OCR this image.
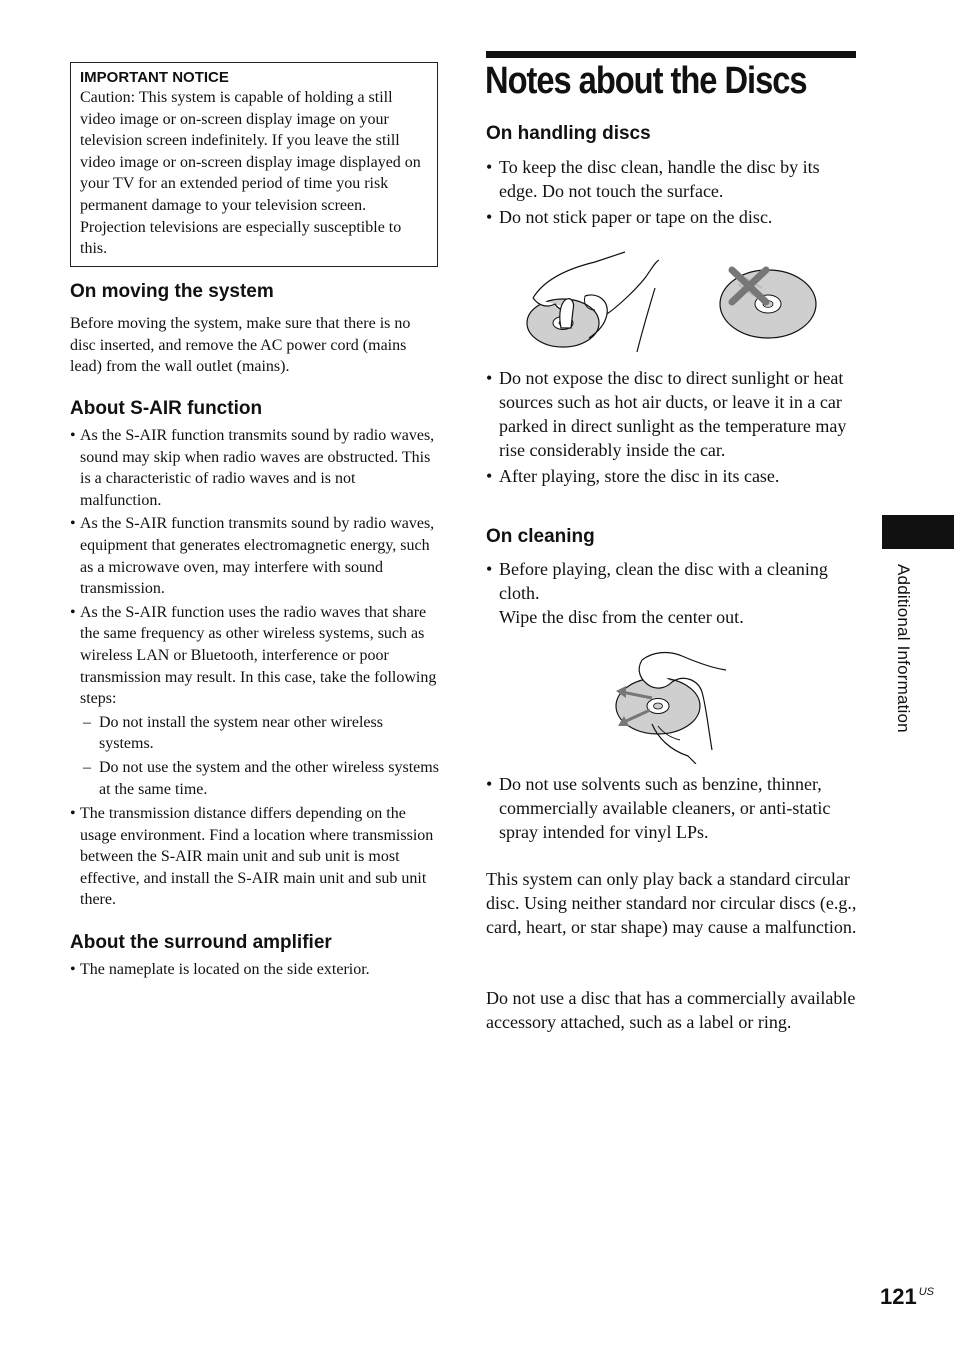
IMPORTANT NOTICE
Caution: This system is capable of holding a still video image or on-screen display image on your television screen indefinitely. If you leave the still video image or on-screen display image displayed on your TV for an extended period of time you risk permanent damage to your television screen. Projection televisions are especially susceptible to this.
On moving the system

Before moving the system, make sure that there is no disc inserted, and remove the AC power cord (mains lead) from the wall outlet (mains).

About S-AIR function
• As the S-AIR function transmits sound by radio waves, sound may skip when radio waves are obstructed. This is a characteristic of radio waves and is not malfunction.
• As the S-AIR function transmits sound by radio waves, equipment that generates electromagnetic energy, such as a microwave oven, may interfere with sound transmission.
• As the S-AIR function uses the radio waves that share the same frequency as other wireless systems, such as wireless LAN or Bluetooth, interference or poor transmission may result. In this case, take the following steps:
– Do not install the system near other wireless systems.
– Do not use the system and the other wireless systems at the same time.
• The transmission distance differs depending on the usage environment. Find a location where transmission between the S-AIR main unit and sub unit is most effective, and install the S-AIR main unit and sub unit there.
About the surround amplifier
• The nameplate is located on the side exterior.
Notes about the Discs
On handling discs
• To keep the disc clean, handle the disc by its edge. Do not touch the surface.
• Do not stick paper or tape on the disc.
• Do not expose the disc to direct sunlight or heat sources such as hot air ducts, or leave it in a car parked in direct sunlight as the temperature may rise considerably inside the car.
• After playing, store the disc in its case.
On cleaning
• Before playing, clean the disc with a cleaning cloth.
Wipe the disc from the center out.
• Do not use solvents such as benzine, thinner, commercially available cleaners, or anti-static spray intended for vinyl LPs.

This system can only play back a standard circular disc. Using neither standard nor circular discs (e.g., card, heart, or star shape) may cause a malfunction.

Do not use a disc that has a commercially available accessory attached, such as a label or ring.

Additional Information
121 $^{US}$
